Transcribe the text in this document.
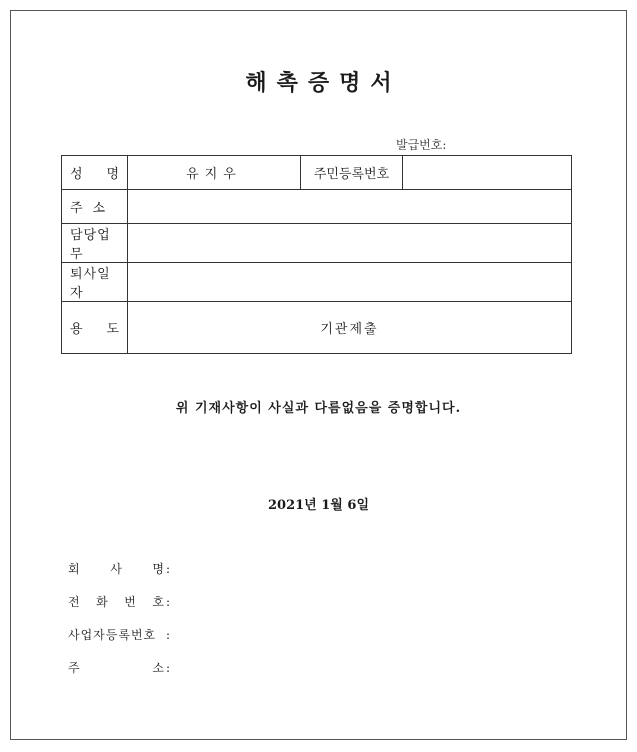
해촉증명서
발급번호:
성 명	유지우	주민등록번호	

주 소			

담당업무			
퇴사일자			

용 도	기관제출		
위 기재사항이 사실과 다름없음을 증명합니다.
2021년 1월 6일
회	사	명 :
전 화 번 호 :
사업자등록번호 :
주	소 :
